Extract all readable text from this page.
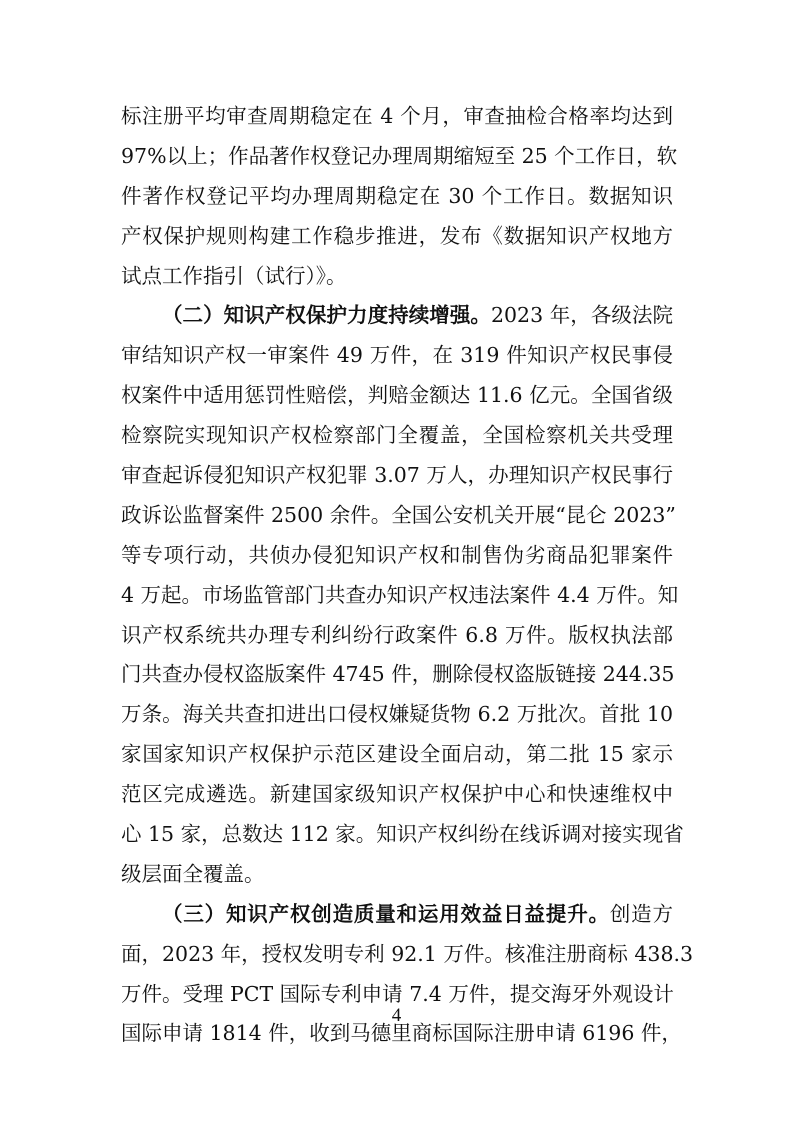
标注册平均审查周期稳定在 4 个月，审查抽检合格率均达到
97%以上；作品著作权登记办理周期缩短至 25 个工作日，软
件著作权登记平均办理周期稳定在 30 个工作日。数据知识
产权保护规则构建工作稳步推进，发布《数据知识产权地方
试点工作指引（试行）》。
（二）知识产权保护力度持续增强。2023 年，各级法院
审结知识产权一审案件 49 万件，在 319 件知识产权民事侵
权案件中适用惩罚性赔偿，判赔金额达 11.6 亿元。全国省级
检察院实现知识产权检察部门全覆盖，全国检察机关共受理
审查起诉侵犯知识产权犯罪 3.07 万人，办理知识产权民事行
政诉讼监督案件 2500 余件。全国公安机关开展“昆仑 2023”
等专项行动，共侦办侵犯知识产权和制售伪劣商品犯罪案件
4 万起。市场监管部门共查办知识产权违法案件 4.4 万件。知
识产权系统共办理专利纠纷行政案件 6.8 万件。版权执法部
门共查办侵权盗版案件 4745 件，删除侵权盗版链接 244.35
万条。海关共查扣进出口侵权嫌疑货物 6.2 万批次。首批 10
家国家知识产权保护示范区建设全面启动，第二批 15 家示
范区完成遴选。新建国家级知识产权保护中心和快速维权中
心 15 家，总数达 112 家。知识产权纠纷在线诉调对接实现省
级层面全覆盖。
（三）知识产权创造质量和运用效益日益提升。创造方
面，2023 年，授权发明专利 92.1 万件。核准注册商标 438.3
万件。受理 PCT 国际专利申请 7.4 万件，提交海牙外观设计
国际申请 1814 件，收到马德里商标国际注册申请 6196 件，
4
